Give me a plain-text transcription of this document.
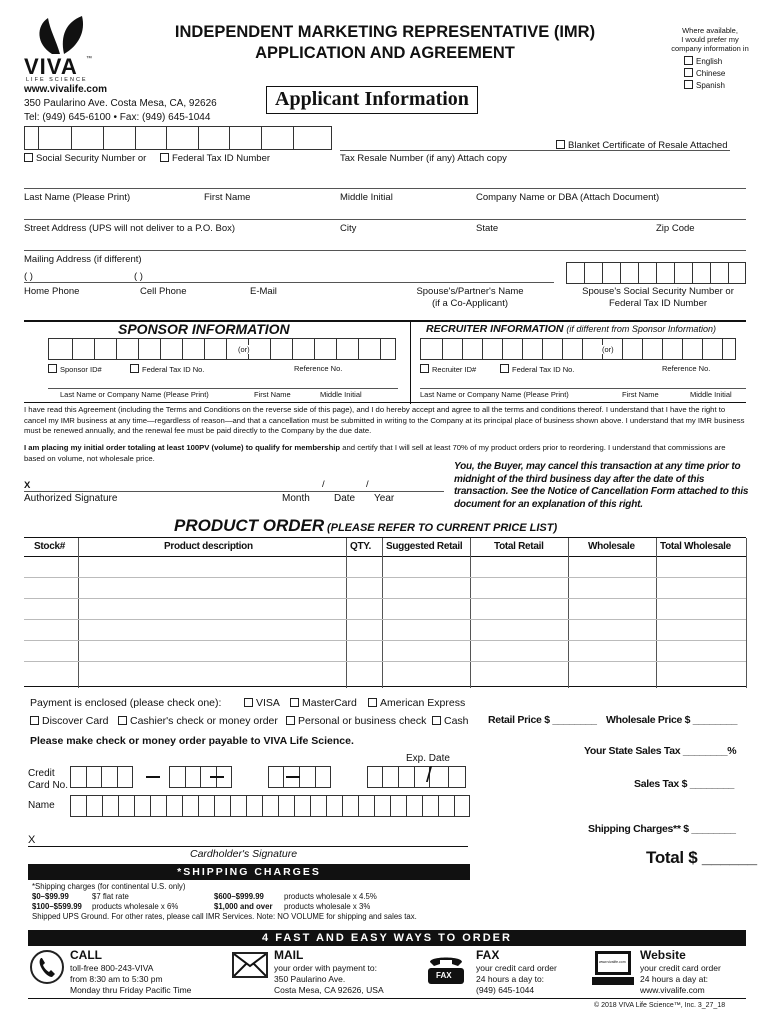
VIVA ™
LIFE SCIENCE
www.vivalife.com
350 Paularino Ave. Costa Mesa, CA, 92626
Tel: (949) 645-6100 • Fax: (949) 645-1044
INDEPENDENT MARKETING REPRESENTATIVE (IMR)
APPLICATION AND AGREEMENT
Applicant Information
Where available,
I would prefer my
company information in
English
Chinese
Spanish
Blanket Certificate of Resale Attached
Social Security Number or	Federal Tax ID Number	Tax Resale Number (if any) Attach copy
Last Name (Please Print)	First Name	Middle Initial	Company Name or DBA (Attach Document)
Street Address (UPS will not deliver to a P.O. Box)	City	State	Zip Code
Mailing Address (if different)
( )	( )
Home Phone	Cell Phone	E-Mail	Spouse's/Partner's Name
(if a Co-Applicant)
Spouse's Social Security Number or
Federal Tax ID Number
SPONSOR INFORMATION	RECRUITER INFORMATION (if different from Sponsor Information)
(or)
Sponsor ID#	Federal Tax ID No.	Reference No.
Last Name or Company Name (Please Print)	First Name	Middle Initial
(or)
Recruiter ID#	Federal Tax ID No.	Reference No.
Last Name or Company Name (Please Print)	First Name	Middle Initial
I have read this Agreement (including the Terms and Conditions on the reverse side of this page), and I do hereby accept and agree to all the terms and conditions thereof. I understand that I have the right to cancel my IMR business at any time—regardless of reason—and that a cancellation must be submitted in writing to the Company at its principal place of business shown above. I understand that my IMR business must be renewed annually, and the renewal fee must be paid directly to the Company by the due date.
I am placing my initial order totaling at least 100PV (volume) to qualify for membership and certify that I will sell at least 70% of my product orders prior to reordering. I understand that commissions are based on volume, not wholesale price.
X	/	/
Authorized Signature	Month Date Year
You, the Buyer, may cancel this transaction at any time prior to midnight of the third business day after the date of this transaction. See the Notice of Cancellation Form attached to this document for an explanation of this right.
PRODUCT ORDER (PLEASE REFER TO CURRENT PRICE LIST)
Stock#	Product description	QTY. Suggested Retail	Total Retail	Wholesale	Total Wholesale
Payment is enclosed (please check one):	VISA	MasterCard	American Express
Discover Card	Cashier's check or money order	Personal or business check	Cash
Please make check or money order payable to VIVA Life Science.
Exp. Date
Credit
Card No.	/
Name
X
Cardholder's Signature
Retail Price $ ________ Wholesale Price $ ________
Your State Sales Tax ________%
Sales Tax $ ________
Shipping Charges** $ ________
Total $ ______
*SHIPPING CHARGES
*Shipping charges (for continental U.S. only)
$0–$99.99	$7 flat rate	$600–$999.99	products wholesale x 4.5%
$100–$599.99 products wholesale x 6%	$1,000 and over products wholesale x 3%
Shipped UPS Ground. For other rates, please call IMR Services. Note: NO VOLUME for shipping and sales tax.
4 FAST AND EASY WAYS TO ORDER
CALL
toll-free 800-243-VIVA
from 8:30 am to 5:30 pm
Monday thru Friday Pacific Time
MAIL
your order with payment to:
350 Paularino Ave.
Costa Mesa, CA 92626, USA
FAX
FAX
your credit card order
24 hours a day to:
(949) 645-1044
www.vivalife.com Website
your credit card order
24 hours a day at:
www.vivalife.com
© 2018 VIVA Life Science™, Inc. 3_27_18
